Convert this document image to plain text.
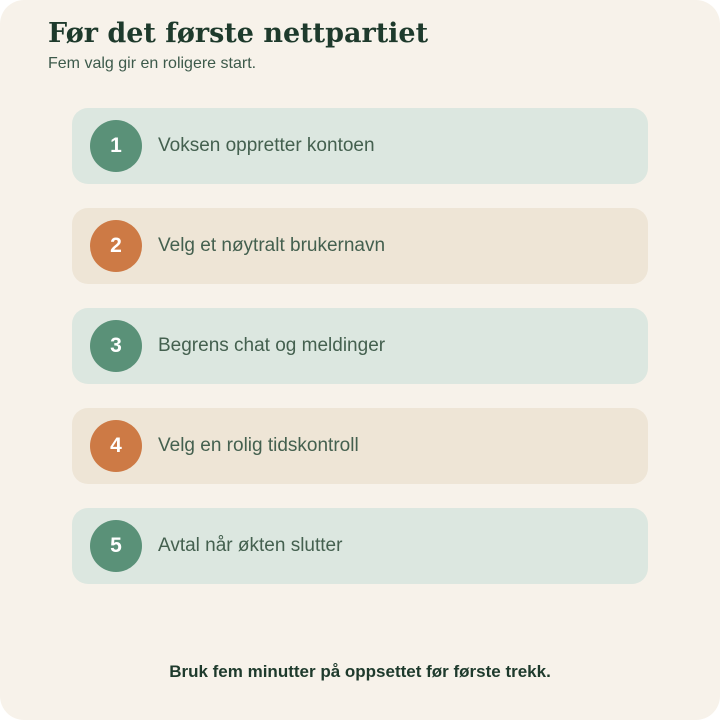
Før det første nettpartiet

Fem valg gir en roligere start.

1	Voksen oppretter kontoen
2	Velg et nøytralt brukernavn
3	Begrens chat og meldinger
4	Velg en rolig tidskontroll
5	Avtal når økten slutter
Bruk fem minutter på oppsettet før første trekk.
